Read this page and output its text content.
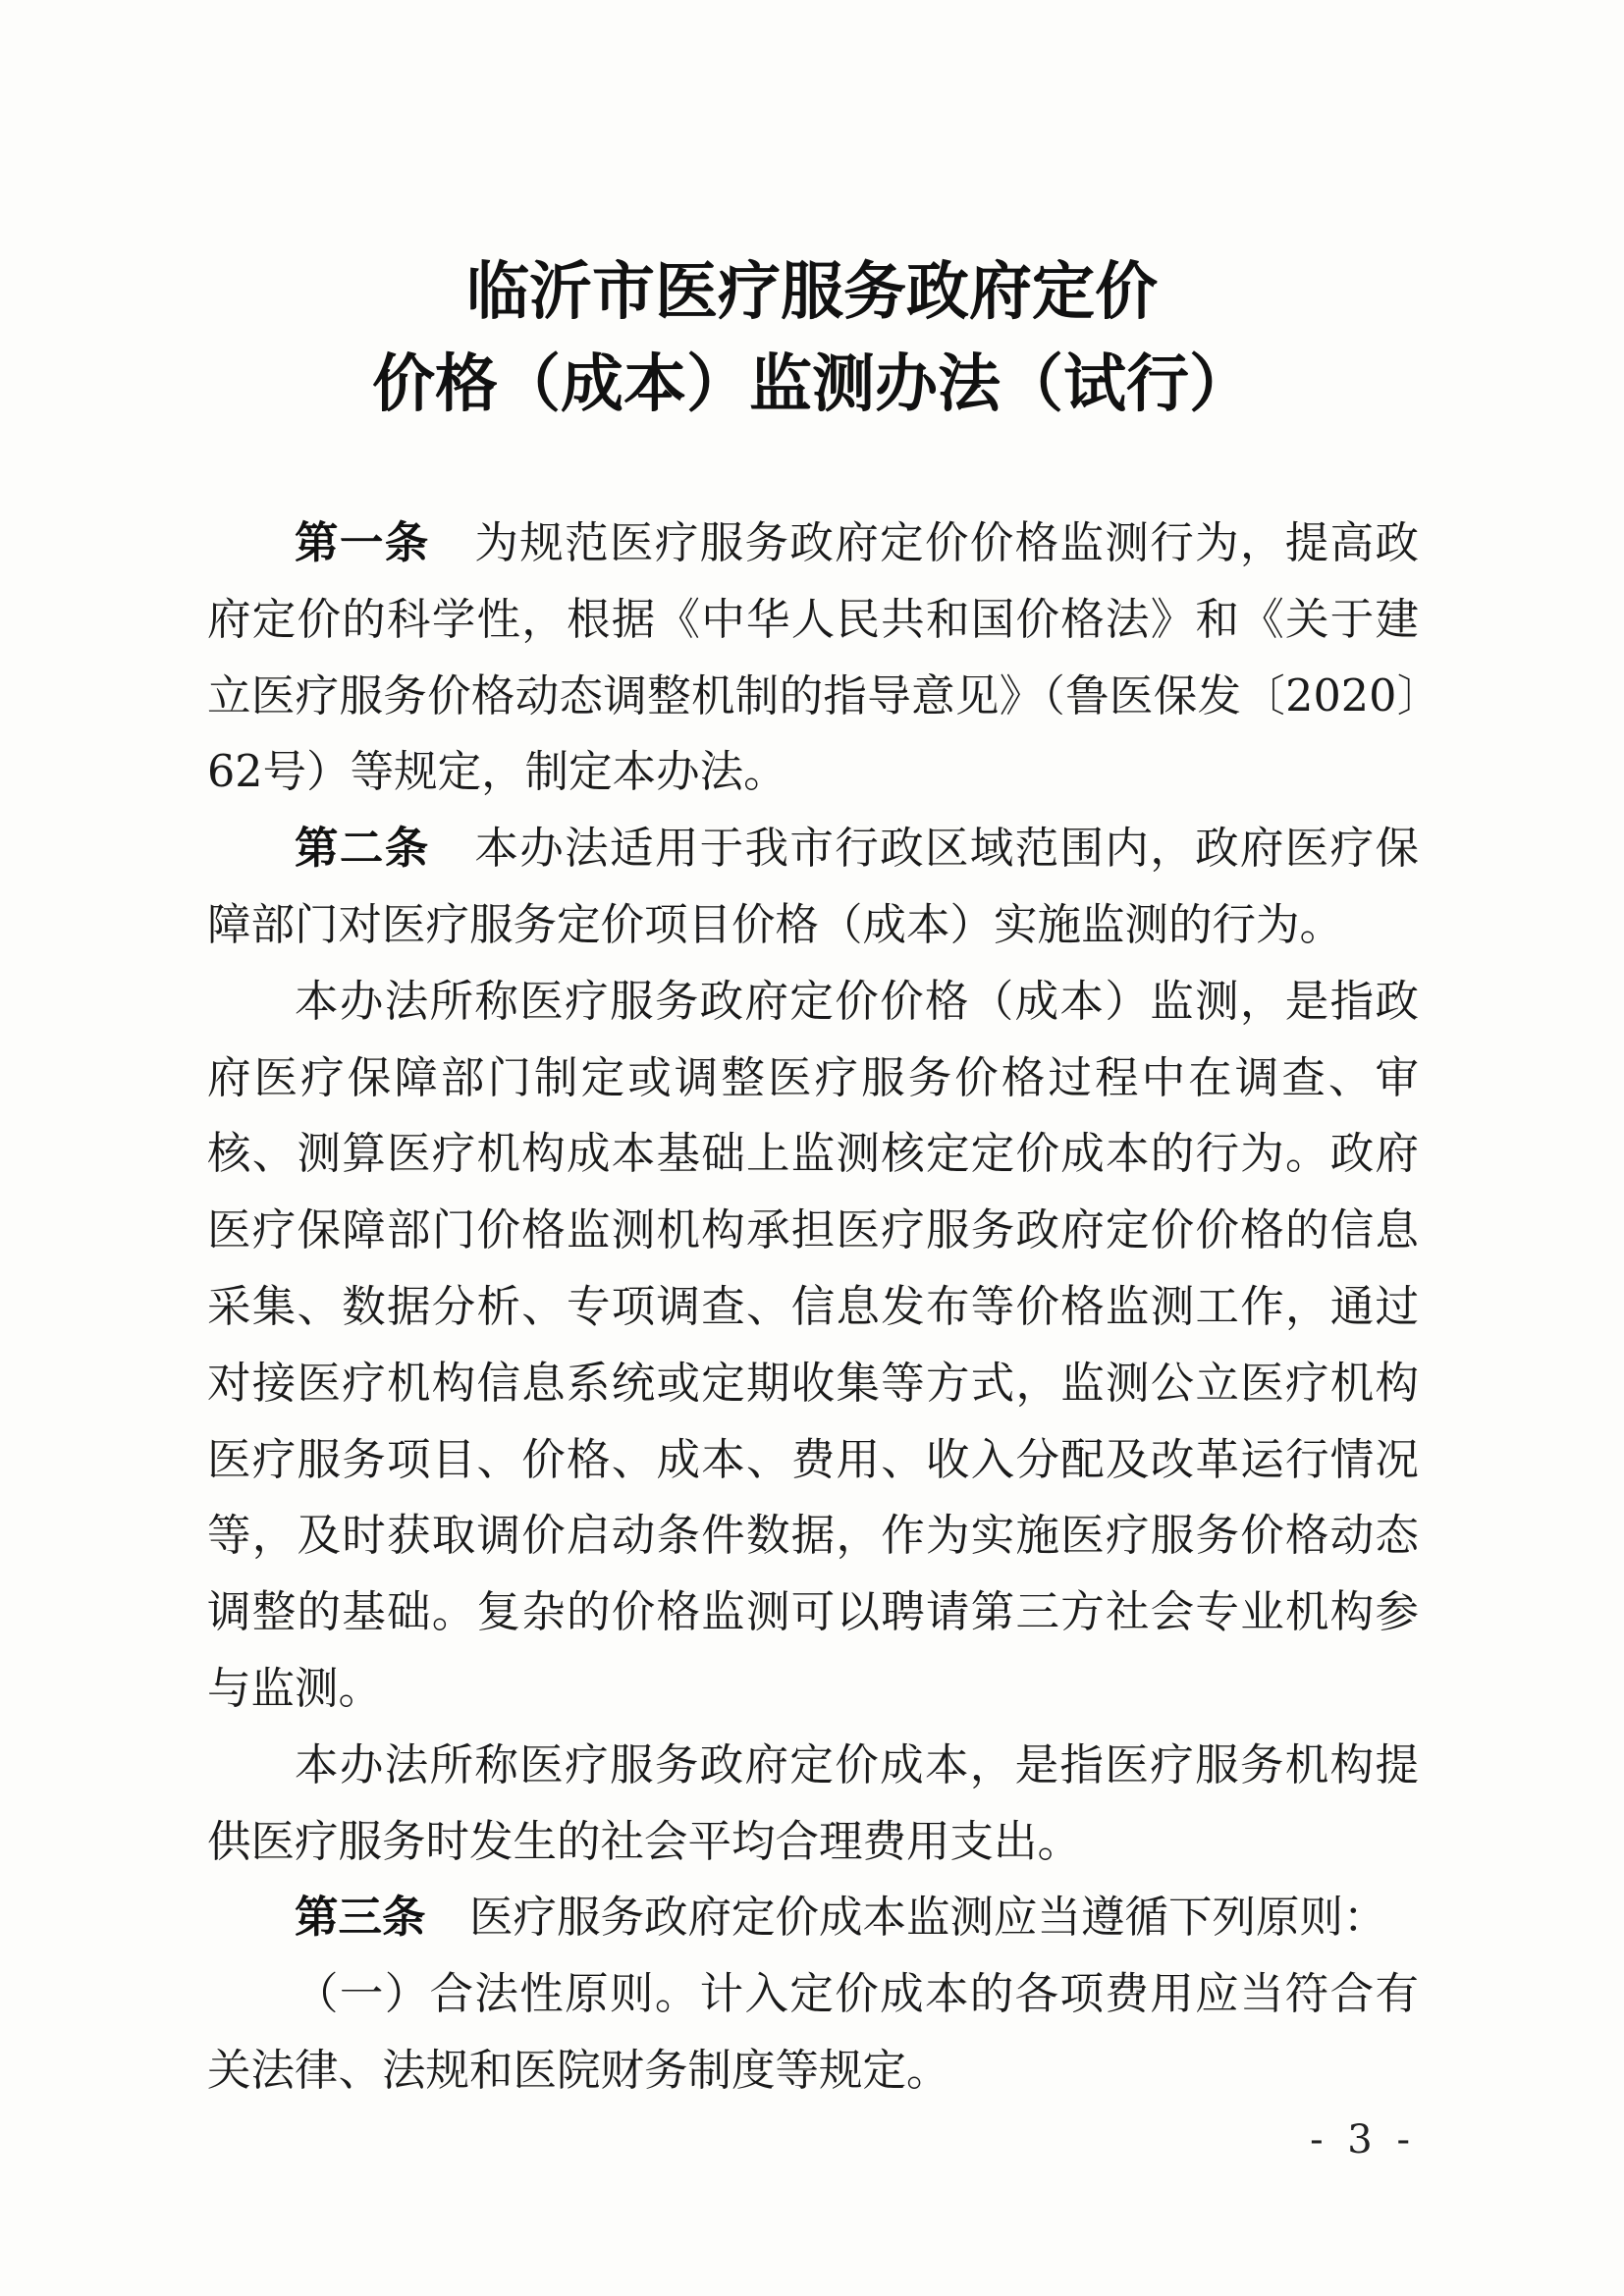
临沂市医疗服务政府定价
价格（成本）监测办法（试行）

第一条 为规范医疗服务政府定价价格监测行为，提高政府定价的科学性，根据《中华人民共和国价格法》和《关于建立医疗服务价格动态调整机制的指导意见》（鲁医保发〔2020〕62号）等规定，制定本办法。

第二条 本办法适用于我市行政区域范围内，政府医疗保障部门对医疗服务定价项目价格（成本）实施监测的行为。

本办法所称医疗服务政府定价价格（成本）监测，是指政府医疗保障部门制定或调整医疗服务价格过程中在调查、审核、测算医疗机构成本基础上监测核定定价成本的行为。政府医疗保障部门价格监测机构承担医疗服务政府定价价格的信息采集、数据分析、专项调查、信息发布等价格监测工作，通过对接医疗机构信息系统或定期收集等方式，监测公立医疗机构医疗服务项目、价格、成本、费用、收入分配及改革运行情况等，及时获取调价启动条件数据，作为实施医疗服务价格动态调整的基础。复杂的价格监测可以聘请第三方社会专业机构参与监测。

本办法所称医疗服务政府定价成本，是指医疗服务机构提供医疗服务时发生的社会平均合理费用支出。

第三条 医疗服务政府定价成本监测应当遵循下列原则：

（一）合法性原则。计入定价成本的各项费用应当符合有关法律、法规和医院财务制度等规定。

- 3 -
